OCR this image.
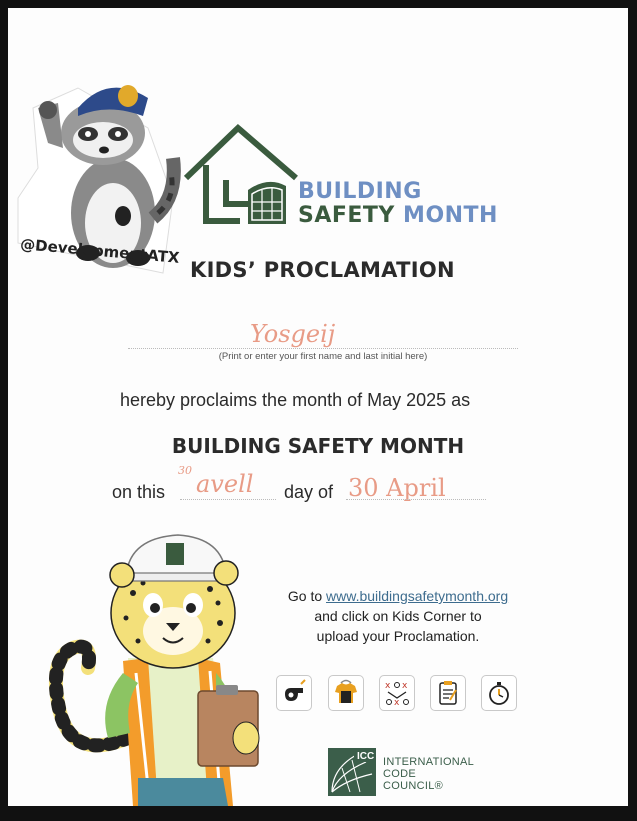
@DevelopmentATX
BUILDING
SAFETY MONTH
KIDS’ PROCLAMATION
Yosgeij
(Print or enter your first name and last initial here)
hereby proclaims the month of May 2025 as
BUILDING SAFETY MONTH
on this
30 avell day of 30 April
Go to www.buildingsafetymonth.org
and click on Kids Corner to
upload your Proclamation.
x x
x
ICC INTERNATIONAL
CODE
COUNCIL®
